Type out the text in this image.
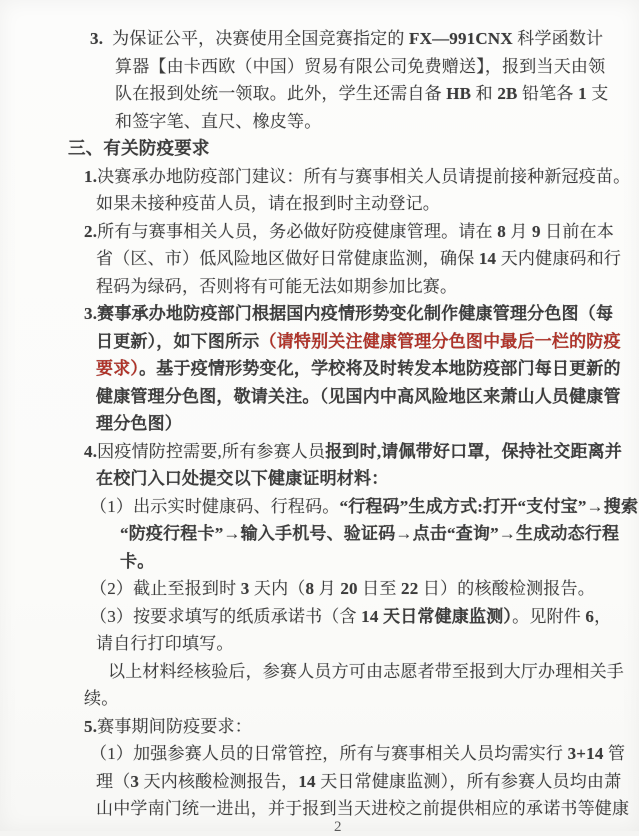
3. 为保证公平，决赛使用全国竞赛指定的 FX—991CNX 科学函数计
算器【由卡西欧（中国）贸易有限公司免费赠送】，报到当天由领
队在报到处统一领取。此外，学生还需自备 HB 和 2B 铅笔各 1 支
和签字笔、直尺、橡皮等。
三、有关防疫要求
1.决赛承办地防疫部门建议：所有与赛事相关人员请提前接种新冠疫苗。
如果未接种疫苗人员，请在报到时主动登记。
2.所有与赛事相关人员，务必做好防疫健康管理。请在 8 月 9 日前在本
省（区、市）低风险地区做好日常健康监测，确保 14 天内健康码和行
程码为绿码，否则将有可能无法如期参加比赛。
3.赛事承办地防疫部门根据国内疫情形势变化制作健康管理分色图（每
日更新），如下图所示（请特别关注健康管理分色图中最后一栏的防疫
要求）。基于疫情形势变化，学校将及时转发本地防疫部门每日更新的
健康管理分色图，敬请关注。（见国内中高风险地区来萧山人员健康管
理分色图）
4.因疫情防控需要,所有参赛人员报到时,请佩带好口罩，保持社交距离并
在校门入口处提交以下健康证明材料：
（1）出示实时健康码、行程码。“行程码”生成方式:打开“支付宝”→搜索
“防疫行程卡”→输入手机号、验证码→点击“查询”→生成动态行程
卡。
（2）截止至报到时 3 天内（8 月 20 日至 22 日）的核酸检测报告。
（3）按要求填写的纸质承诺书（含 14 天日常健康监测）。见附件 6，
请自行打印填写。
以上材料经核验后，参赛人员方可由志愿者带至报到大厅办理相关手
续。
5.赛事期间防疫要求：
（1）加强参赛人员的日常管控，所有与赛事相关人员均需实行 3+14 管
理（3 天内核酸检测报告，14 天日常健康监测），所有参赛人员均由萧
山中学南门统一进出，并于报到当天进校之前提供相应的承诺书等健康
2
